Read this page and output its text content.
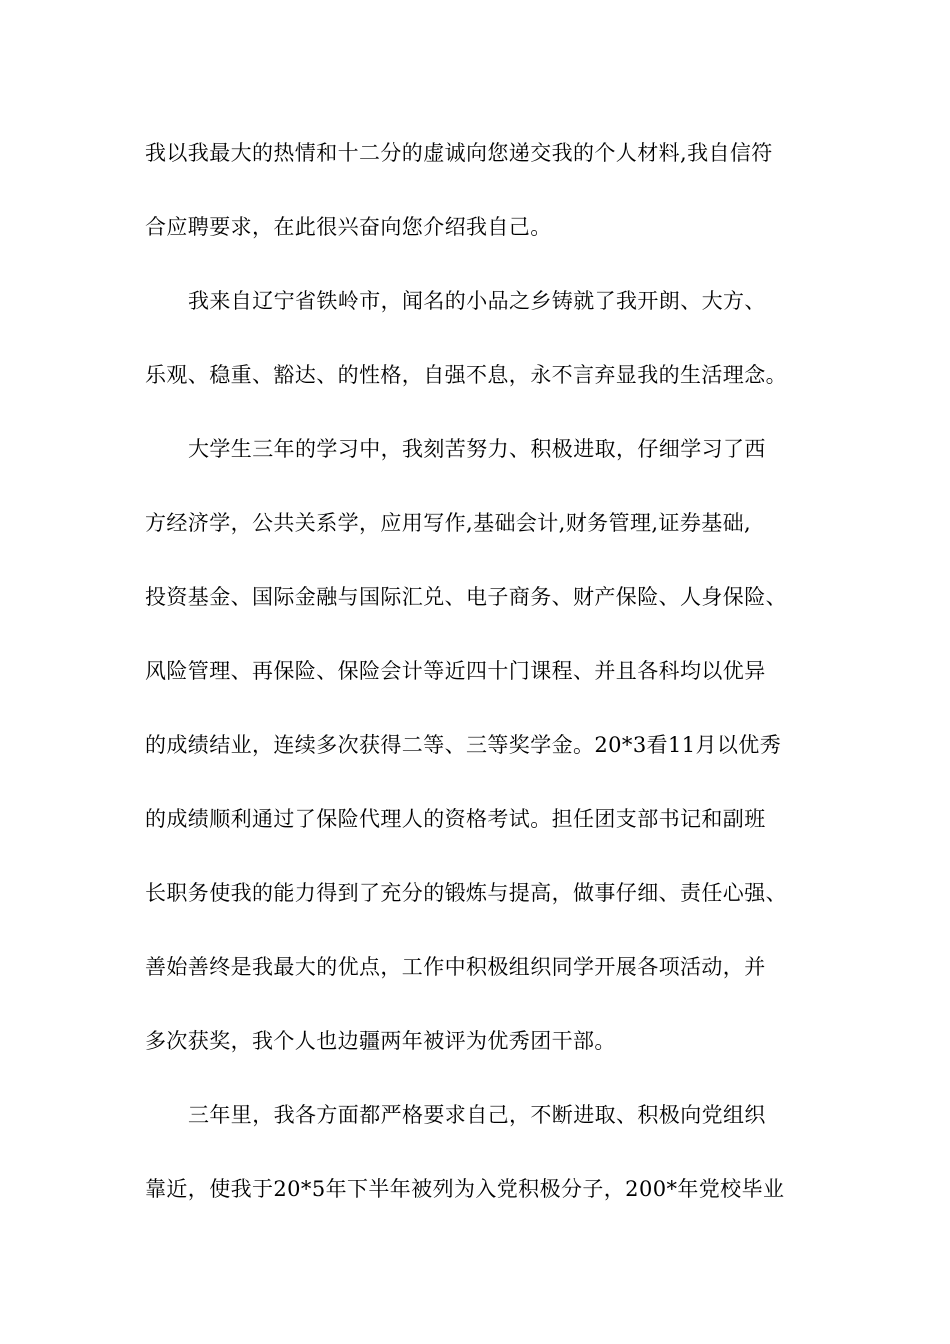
我以我最大的热情和十二分的虚诚向您递交我的个人材料,我自信符
合应聘要求，在此很兴奋向您介绍我自己。
我来自辽宁省铁岭市，闻名的小品之乡铸就了我开朗、大方、
乐观、稳重、豁达、的性格，自强不息，永不言弃显我的生活理念。
大学生三年的学习中，我刻苦努力、积极进取，仔细学习了西
方经济学，公共关系学，应用写作,基础会计,财务管理,证券基础,
投资基金、国际金融与国际汇兑、电子商务、财产保险、人身保险、
风险管理、再保险、保险会计等近四十门课程、并且各科均以优异
的成绩结业，连续多次获得二等、三等奖学金。20*3看11月以优秀
的成绩顺利通过了保险代理人的资格考试。担任团支部书记和副班
长职务使我的能力得到了充分的锻炼与提高，做事仔细、责任心强、
善始善终是我最大的优点，工作中积极组织同学开展各项活动，并
多次获奖，我个人也边疆两年被评为优秀团干部。
三年里，我各方面都严格要求自己，不断进取、积极向党组织
靠近，使我于20*5年下半年被列为入党积极分子，200*年党校毕业
